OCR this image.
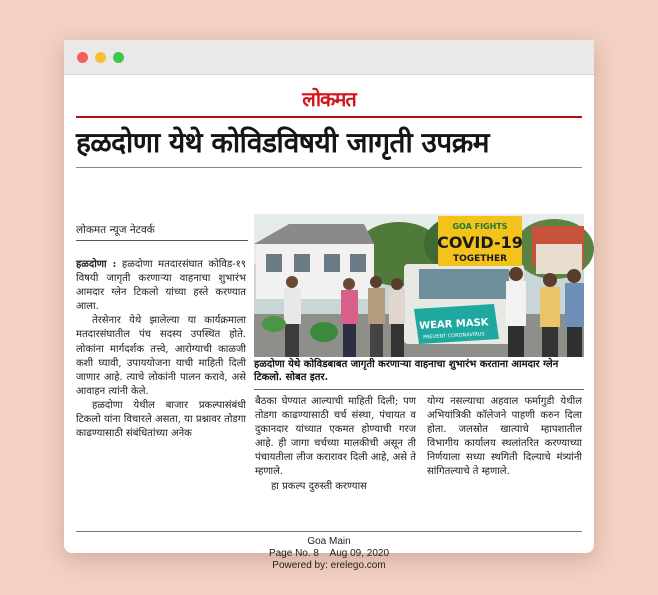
लोकमत
हळदोणा येथे कोविडविषयी जागृती उपक्रम
लोकमत न्यूज नेटवर्क

हळदोणा : हळदोणा मतदारसंघात कोविड-१९ विषयी जागृती करणाऱ्या वाहनाचा शुभारंभ आमदार ग्लेन टिकलो यांच्या हस्ते करण्यात आला.

तेरसेनार येथे झालेल्या या कार्यक्रमाला मतदारसंघातील पंच सदस्य उपस्थित होते. लोकांना मार्गदर्शक तत्त्वे, आरोग्याची काळजी कशी घ्यावी, उपाययोजना याची माहिती दिली जाणार आहे. त्याचे लोकांनी पालन करावे, असे आवाहन त्यांनी केले.

हळदोणा येथील बाजार प्रकल्पासंबंधी टिकलो यांना विचारले असता, या प्रश्नावर तोडगा काढण्यासाठी संबंधितांच्या अनेक

GOA FIGHTS
COVID-19
TOGETHER
WEAR MASK
PREVENT CORONAVIRUS
हळदोणा येथे कोविडबाबत जागृती करणाऱ्या वाहनाचा शुभारंभ करताना आमदार ग्लेन टिकलो. सोबत इतर.

बैठका घेण्यात आल्याची माहिती दिली; पण तोडगा काढण्यासाठी चर्च संस्था, पंचायत व दुकानदार यांच्यात एकमत होण्याची गरज आहे. ही जागा चर्चच्या मालकीची असून ती पंचायतीला लीज करारावर दिली आहे, असे ते म्हणाले.

हा प्रकल्प दुरुस्ती करण्यास

योग्य नसल्याचा अहवाल फर्मागुडी येथील अभियांत्रिकी कॉलेजने पाहणी करुन दिला होता. जलस्रोत खात्याचे म्हापशातील विभागीय कार्यालय स्थलांतरित करण्याच्या निर्णयाला सध्या स्थगिती दिल्याचे मंत्र्यांनी सांगितल्याचे ते म्हणाले.

Goa Main
Page No. 8    Aug 09, 2020
Powered by: erelego.com
